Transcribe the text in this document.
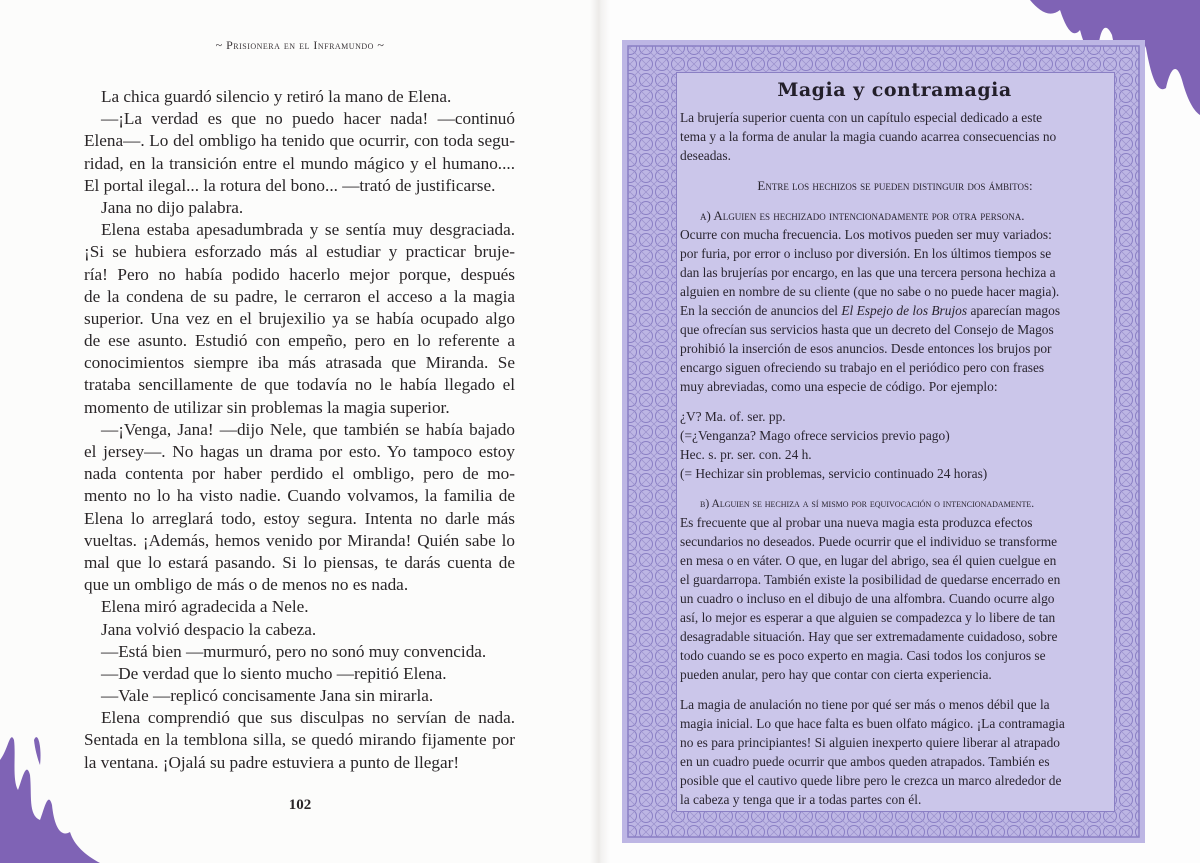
~ Prisionera en el Inframundo ~
La chica guardó silencio y retiró la mano de Elena.
—¡La verdad es que no puedo hacer nada! —continuó
Elena—. Lo del ombligo ha tenido que ocurrir, con toda segu-
ridad, en la transición entre el mundo mágico y el humano....
El portal ilegal... la rotura del bono... —trató de justificarse.
Jana no dijo palabra.
Elena estaba apesadumbrada y se sentía muy desgraciada.
¡Si se hubiera esforzado más al estudiar y practicar bruje-
ría! Pero no había podido hacerlo mejor porque, después
de la condena de su padre, le cerraron el acceso a la magia
superior. Una vez en el brujexilio ya se había ocupado algo
de ese asunto. Estudió con empeño, pero en lo referente a
conocimientos siempre iba más atrasada que Miranda. Se
trataba sencillamente de que todavía no le había llegado el
momento de utilizar sin problemas la magia superior.
—¡Venga, Jana! —dijo Nele, que también se había bajado
el jersey—. No hagas un drama por esto. Yo tampoco estoy
nada contenta por haber perdido el ombligo, pero de mo-
mento no lo ha visto nadie. Cuando volvamos, la familia de
Elena lo arreglará todo, estoy segura. Intenta no darle más
vueltas. ¡Además, hemos venido por Miranda! Quién sabe lo
mal que lo estará pasando. Si lo piensas, te darás cuenta de
que un ombligo de más o de menos no es nada.
Elena miró agradecida a Nele.
Jana volvió despacio la cabeza.
—Está bien —murmuró, pero no sonó muy convencida.
—De verdad que lo siento mucho —repitió Elena.
—Vale —replicó concisamente Jana sin mirarla.
Elena comprendió que sus disculpas no servían de nada.
Sentada en la temblona silla, se quedó mirando fijamente por
la ventana. ¡Ojalá su padre estuviera a punto de llegar!
102
Magia y contramagia
La brujería superior cuenta con un capítulo especial dedicado a este
tema y a la forma de anular la magia cuando acarrea consecuencias no
deseadas.
Entre los hechizos se pueden distinguir dos ámbitos:
a) Alguien es hechizado intencionadamente por otra persona.
Ocurre con mucha frecuencia. Los motivos pueden ser muy variados:
por furia, por error o incluso por diversión. En los últimos tiempos se
dan las brujerías por encargo, en las que una tercera persona hechiza a
alguien en nombre de su cliente (que no sabe o no puede hacer magia).
En la sección de anuncios del El Espejo de los Brujos aparecían magos
que ofrecían sus servicios hasta que un decreto del Consejo de Magos
prohibió la inserción de esos anuncios. Desde entonces los brujos por
encargo siguen ofreciendo su trabajo en el periódico pero con frases
muy abreviadas, como una especie de código. Por ejemplo:
¿V? Ma. of. ser. pp.
(=¿Venganza? Mago ofrece servicios previo pago)
Hec. s. pr. ser. con. 24 h.
(= Hechizar sin problemas, servicio continuado 24 horas)
b) Alguien se hechiza a sí mismo por equivocación o intencionadamente.
Es frecuente que al probar una nueva magia esta produzca efectos
secundarios no deseados. Puede ocurrir que el individuo se transforme
en mesa o en váter. O que, en lugar del abrigo, sea él quien cuelgue en
el guardarropa. También existe la posibilidad de quedarse encerrado en
un cuadro o incluso en el dibujo de una alfombra. Cuando ocurre algo
así, lo mejor es esperar a que alguien se compadezca y lo libere de tan
desagradable situación. Hay que ser extremadamente cuidadoso, sobre
todo cuando se es poco experto en magia. Casi todos los conjuros se
pueden anular, pero hay que contar con cierta experiencia.
La magia de anulación no tiene por qué ser más o menos débil que la
magia inicial. Lo que hace falta es buen olfato mágico. ¡La contramagia
no es para principiantes! Si alguien inexperto quiere liberar al atrapado
en un cuadro puede ocurrir que ambos queden atrapados. También es
posible que el cautivo quede libre pero le crezca un marco alrededor de
la cabeza y tenga que ir a todas partes con él.
